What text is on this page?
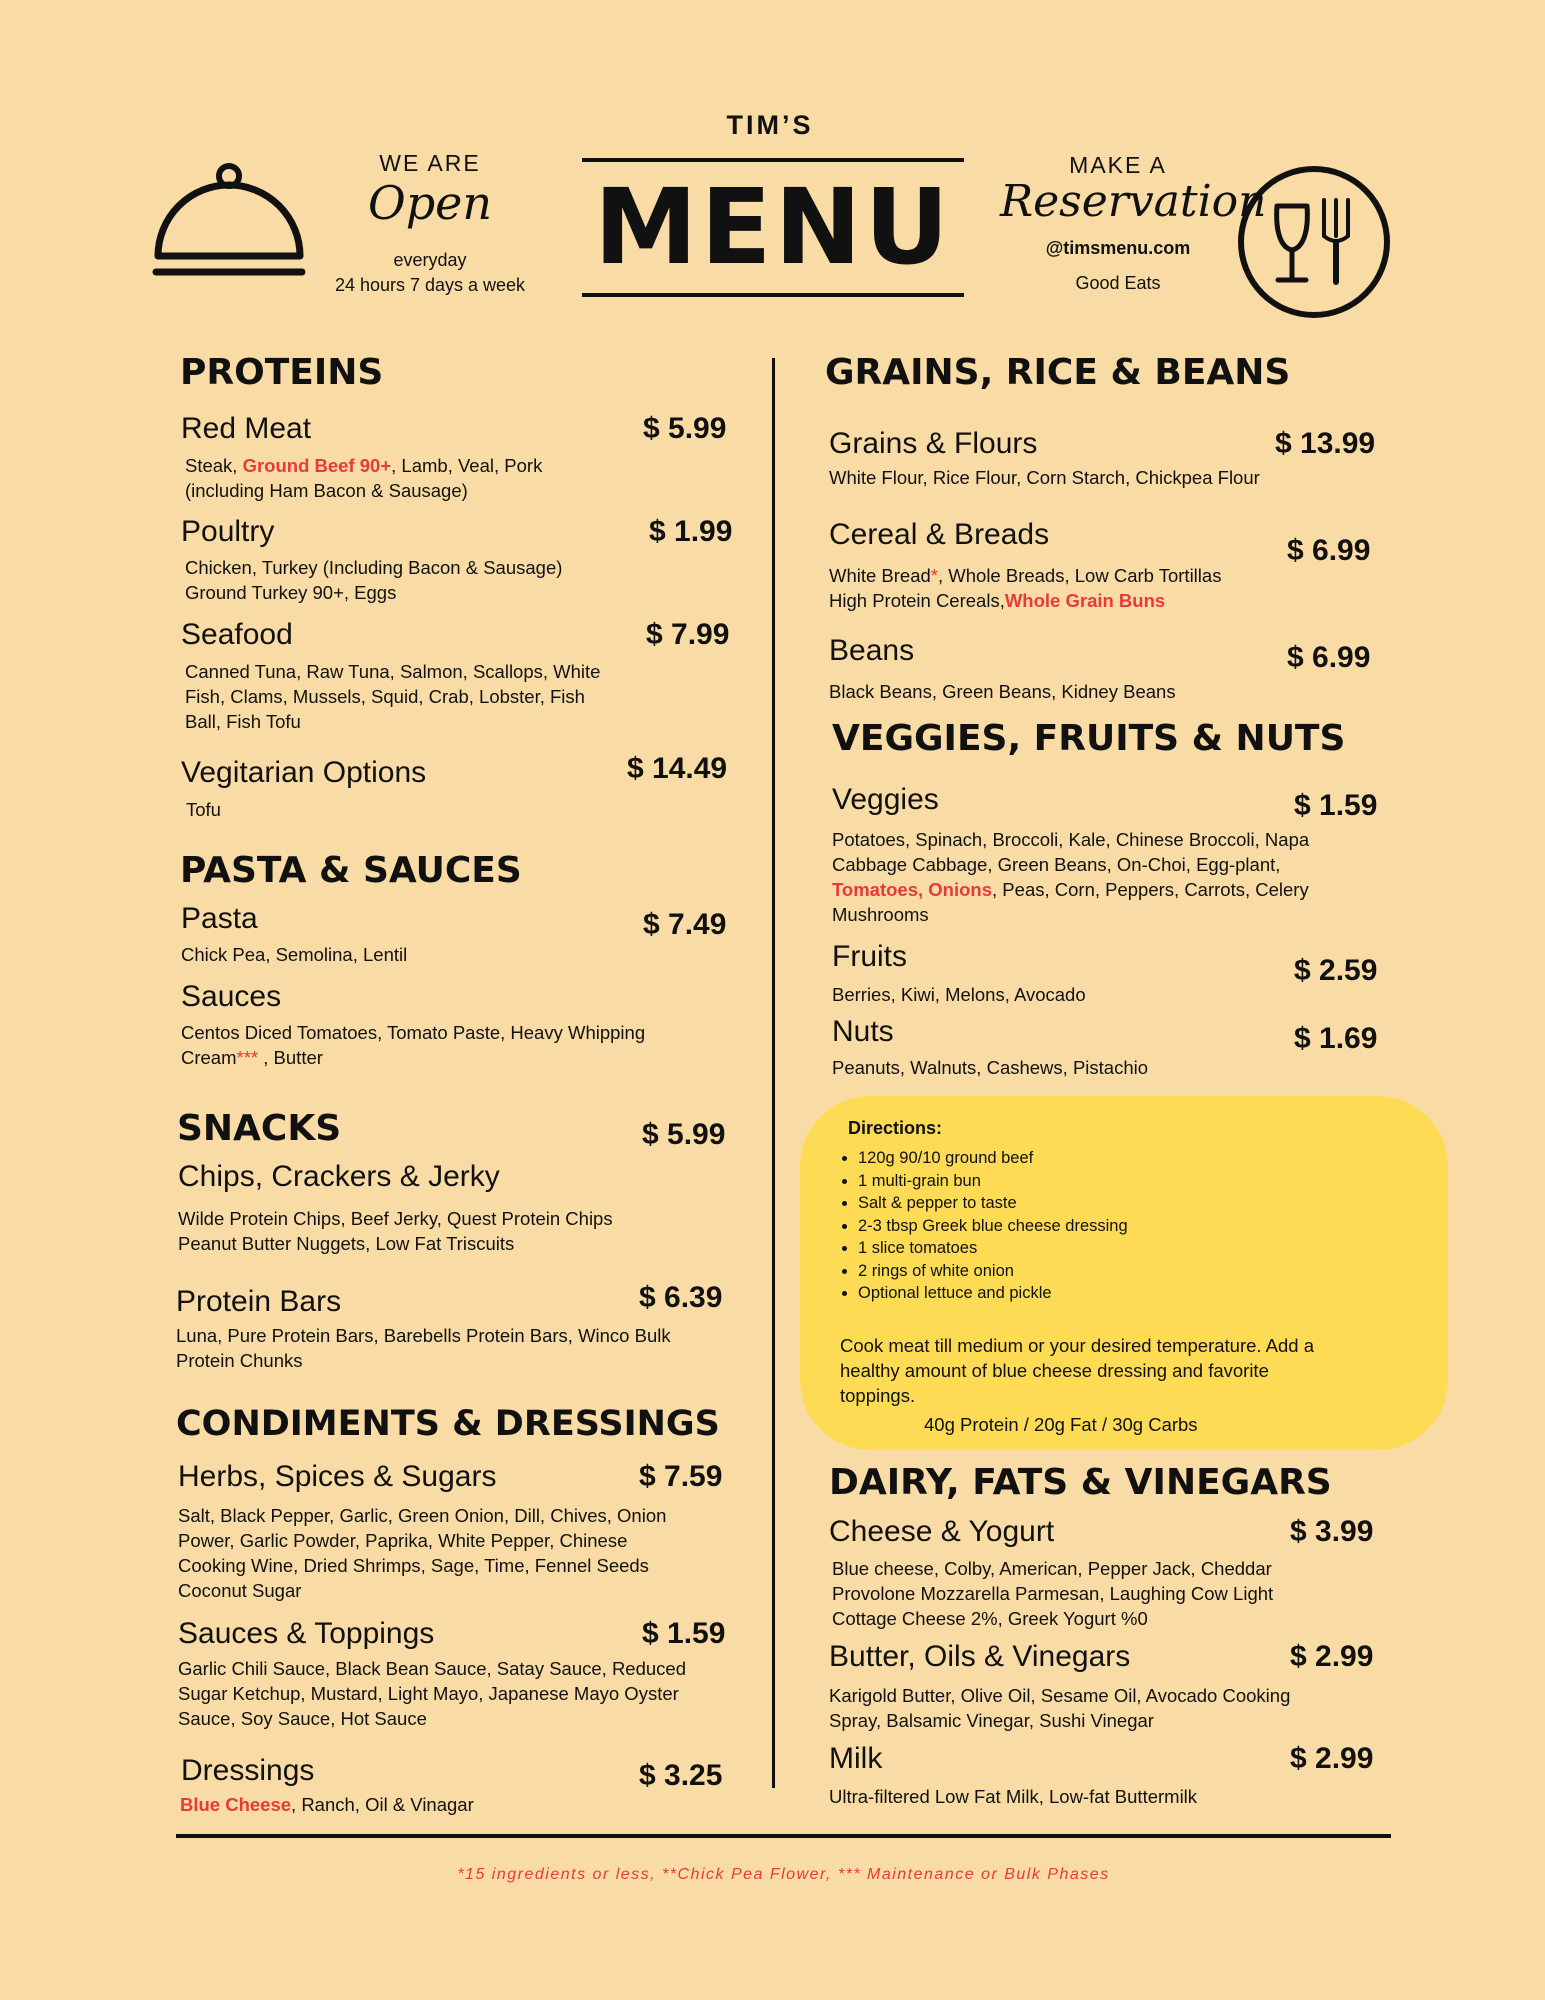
WE ARE
Open
everyday
24 hours 7 days a week
TIM’S
MENU
MAKE A
Reservation
@timsmenu.com
Good Eats
PROTEINS
Red Meat	$ 5.99
Steak, Ground Beef 90+, Lamb, Veal, Pork
(including Ham Bacon & Sausage)
Poultry	$ 1.99
Chicken, Turkey (Including Bacon & Sausage)
Ground Turkey 90+, Eggs
Seafood	$ 7.99
Canned Tuna, Raw Tuna, Salmon, Scallops, White
Fish, Clams, Mussels, Squid, Crab, Lobster, Fish
Ball, Fish Tofu
Vegitarian Options	$ 14.49
Tofu
PASTA & SAUCES
Pasta	$ 7.49
Chick Pea, Semolina, Lentil
Sauces
Centos Diced Tomatoes, Tomato Paste, Heavy Whipping
Cream*** , Butter
SNACKS	$ 5.99
Chips, Crackers & Jerky
Wilde Protein Chips, Beef Jerky, Quest Protein Chips
Peanut Butter Nuggets, Low Fat Triscuits
Protein Bars	$ 6.39
Luna, Pure Protein Bars, Barebells Protein Bars, Winco Bulk
Protein Chunks
CONDIMENTS & DRESSINGS
Herbs, Spices & Sugars	$ 7.59
Salt, Black Pepper, Garlic, Green Onion, Dill, Chives, Onion
Power, Garlic Powder, Paprika, White Pepper, Chinese
Cooking Wine, Dried Shrimps, Sage, Time, Fennel Seeds
Coconut Sugar
Sauces & Toppings	$ 1.59
Garlic Chili Sauce, Black Bean Sauce, Satay Sauce, Reduced
Sugar Ketchup, Mustard, Light Mayo, Japanese Mayo Oyster
Sauce, Soy Sauce, Hot Sauce
Dressings	$ 3.25
Blue Cheese, Ranch, Oil & Vinagar
GRAINS, RICE & BEANS
Grains & Flours	$ 13.99
White Flour, Rice Flour, Corn Starch, Chickpea Flour
Cereal & Breads	$ 6.99
White Bread*, Whole Breads, Low Carb Tortillas
High Protein Cereals,Whole Grain Buns
Beans	$ 6.99
Black Beans, Green Beans, Kidney Beans
VEGGIES, FRUITS & NUTS
Veggies	$ 1.59
Potatoes, Spinach, Broccoli, Kale, Chinese Broccoli, Napa
Cabbage Cabbage, Green Beans, On-Choi, Egg-plant,
Tomatoes, Onions, Peas, Corn, Peppers, Carrots, Celery
Mushrooms
Fruits	$ 2.59
Berries, Kiwi, Melons, Avocado
Nuts	$ 1.69
Peanuts, Walnuts, Cashews, Pistachio
Directions:
• 120g 90/10 ground beef
• 1 multi-grain bun
• Salt & pepper to taste
• 2-3 tbsp Greek blue cheese dressing
• 1 slice tomatoes
• 2 rings of white onion
• Optional lettuce and pickle
Cook meat till medium or your desired temperature. Add a
healthy amount of blue cheese dressing and favorite
toppings.
40g Protein / 20g Fat / 30g Carbs
DAIRY, FATS & VINEGARS
Cheese & Yogurt	$ 3.99
Blue cheese, Colby, American, Pepper Jack, Cheddar
Provolone Mozzarella Parmesan, Laughing Cow Light
Cottage Cheese 2%, Greek Yogurt %0
Butter, Oils & Vinegars	$ 2.99
Karigold Butter, Olive Oil, Sesame Oil, Avocado Cooking
Spray, Balsamic Vinegar, Sushi Vinegar
Milk	$ 2.99
Ultra-filtered Low Fat Milk, Low-fat Buttermilk
*15 ingredients or less, **Chick Pea Flower, *** Maintenance or Bulk Phases
